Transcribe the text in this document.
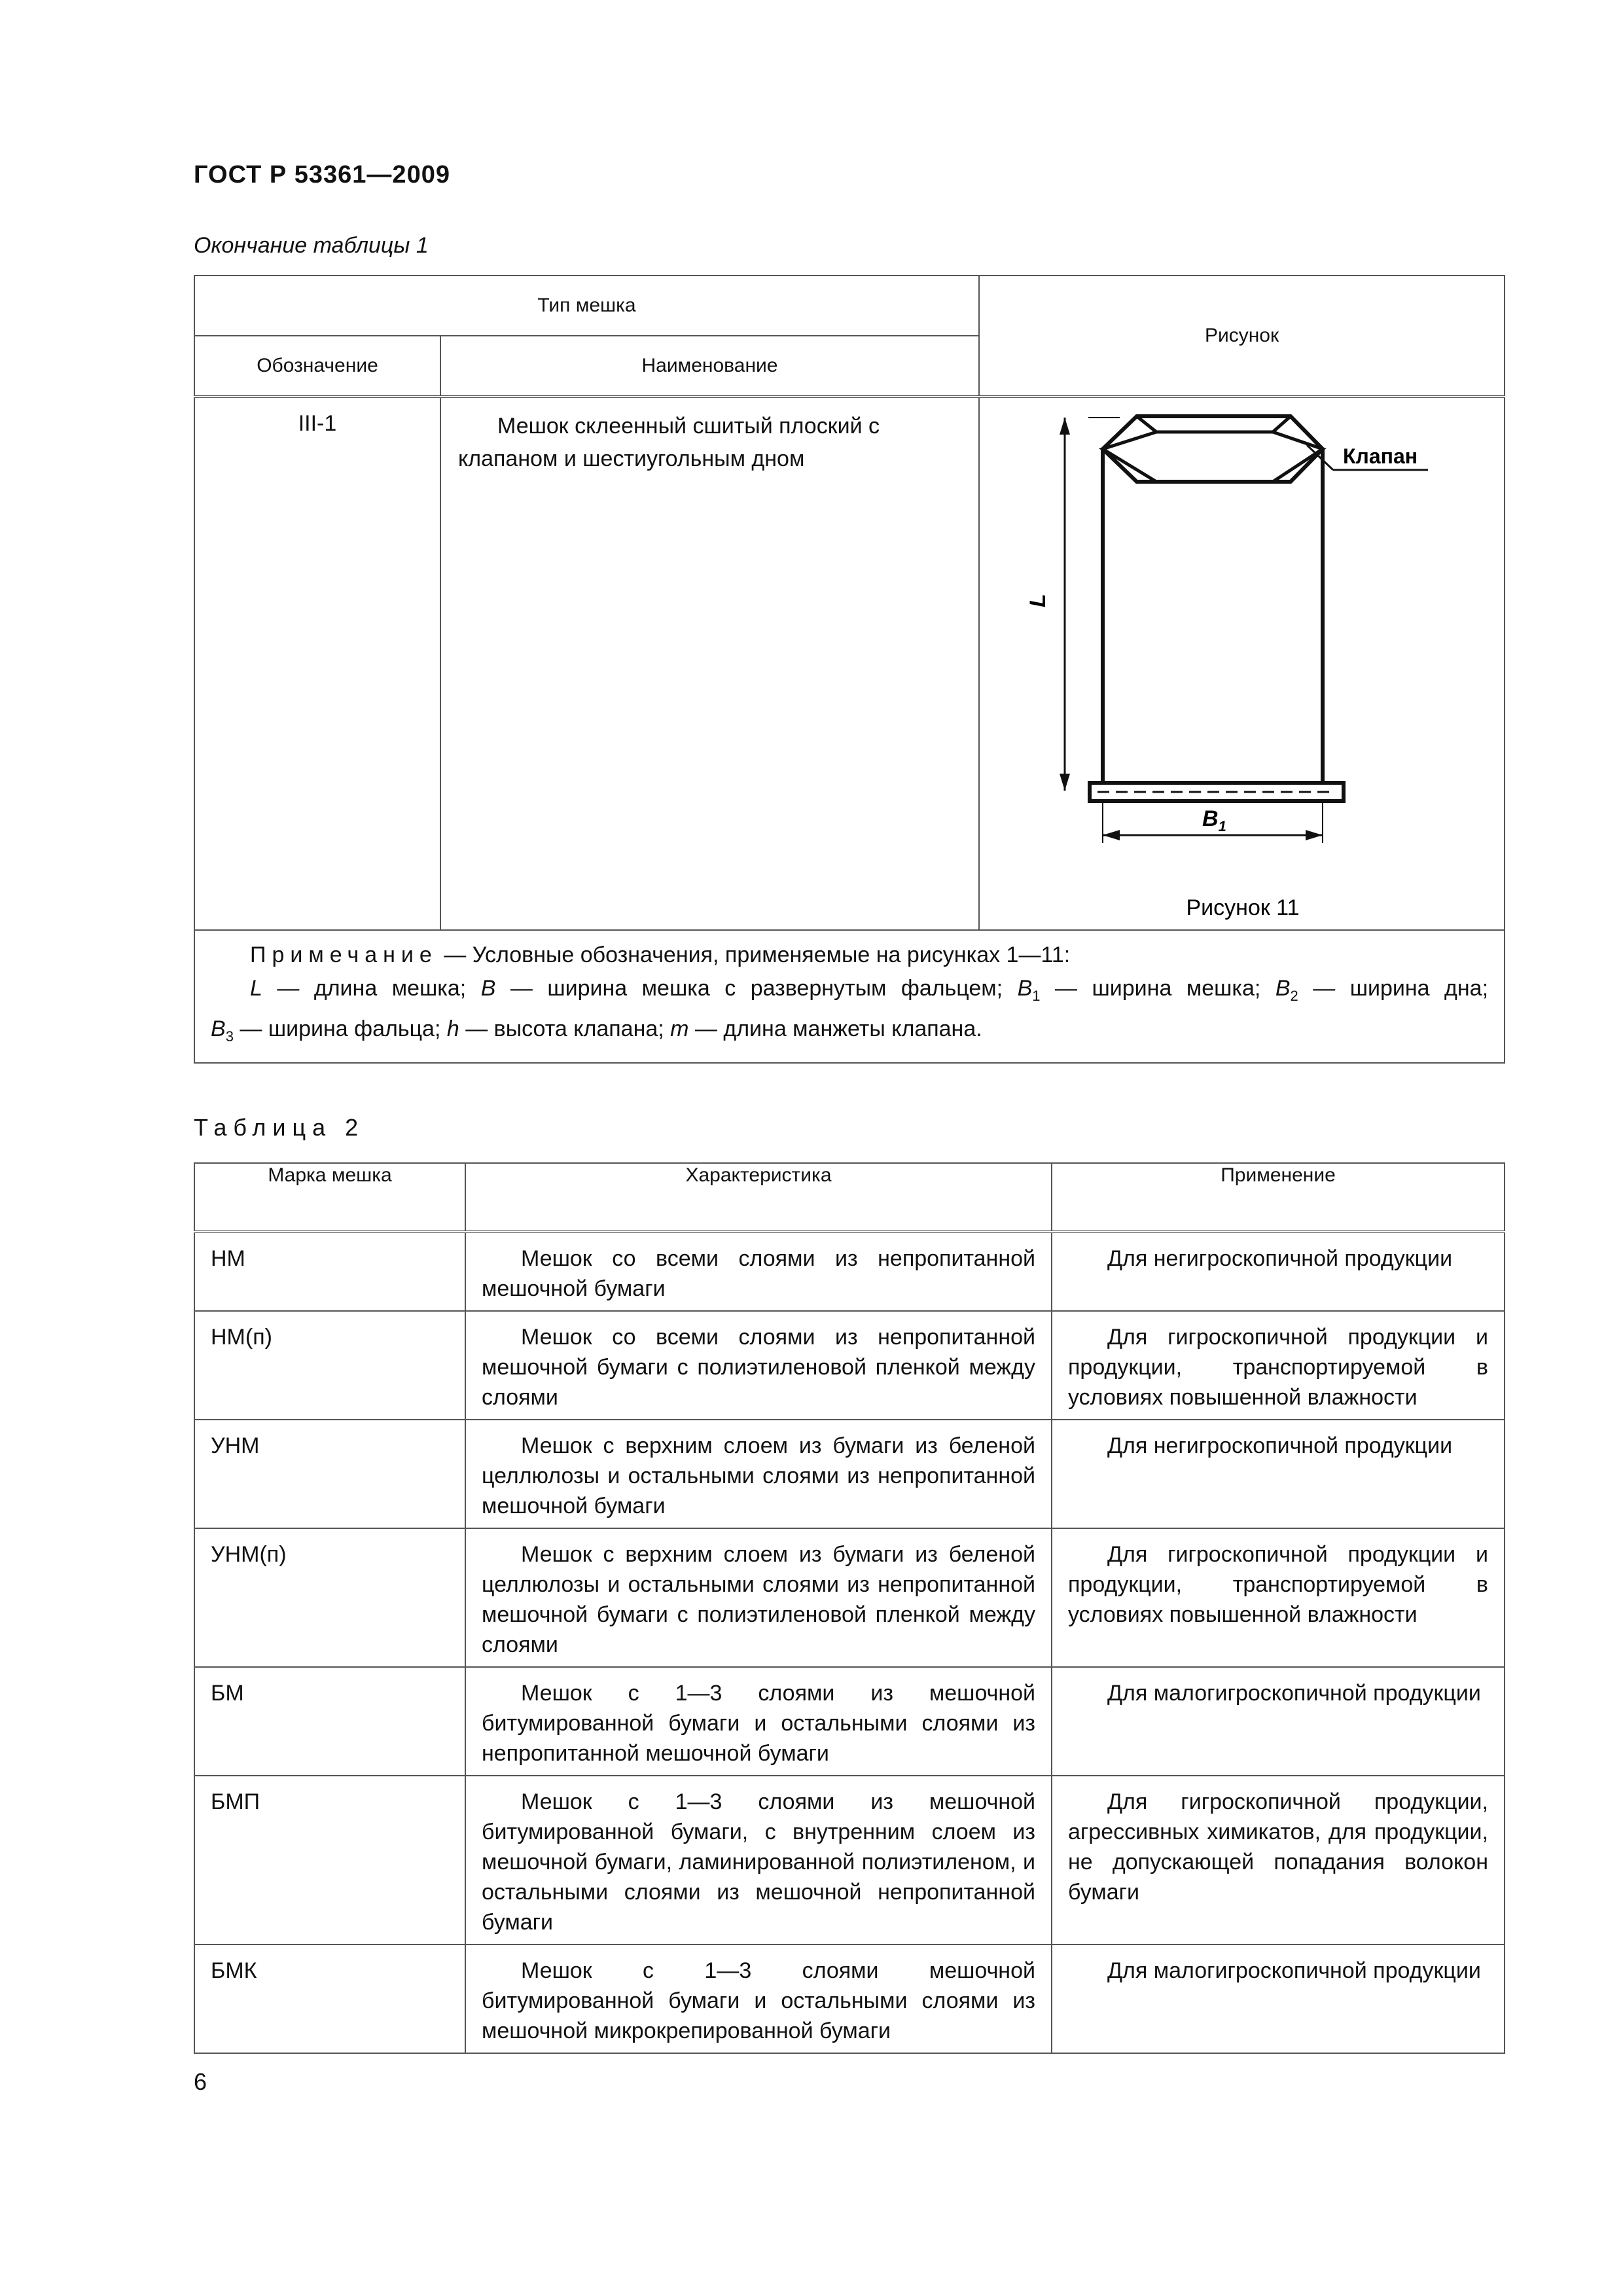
ГОСТ Р 53361—2009
Окончание таблицы 1
Тип мешка		Рисунок
Обозначение	Наименование	
III-1	Мешок склеенный сшитый плоский с клапаном и шестиугольным дном	Клапан
L
$B_1$
Рисунок 11

Примечание — Условные обозначения, применяемые на рисунках 1—11:
L — длина мешка; B — ширина мешка с развернутым фальцем; $B_1$ — ширина мешка; $B_2$ — ширина дна;
$B_3$ — ширина фальца; h — высота клапана; m — длина манжеты клапана.		
Таблица 2
Марка мешка	Характеристика	Применение
НМ	Мешок со всеми слоями из непропитанной мешочной бумаги	Для негигроскопичной продукции
НМ(п)	Мешок со всеми слоями из непропитанной мешочной бумаги с полиэтиленовой пленкой между слоями	Для гигроскопичной продукции и продукции, транспортируемой в условиях повышенной влажности
УНМ	Мешок с верхним слоем из бумаги из беленой целлюлозы и остальными слоями из непропитанной мешочной бумаги	Для негигроскопичной продукции
УНМ(п)	Мешок с верхним слоем из бумаги из беленой целлюлозы и остальными слоями из непропитанной мешочной бумаги с полиэтиленовой пленкой между слоями	Для гигроскопичной продукции и продукции, транспортируемой в условиях повышенной влажности
БМ	Мешок с 1—3 слоями из мешочной битумированной бумаги и остальными слоями из непропитанной мешочной бумаги	Для малогигроскопичной продукции
БМП	Мешок с 1—3 слоями из мешочной битумированной бумаги, с внутренним слоем из мешочной бумаги, ламинированной полиэтиленом, и остальными слоями из мешочной непропитанной бумаги	Для гигроскопичной продукции, агрессивных химикатов, для продукции, не допускающей попадания волокон бумаги
БМК	Мешок с 1—3 слоями мешочной битумированной бумаги и остальными слоями из мешочной микрокрепированной бумаги	Для малогигроскопичной продукции
6
